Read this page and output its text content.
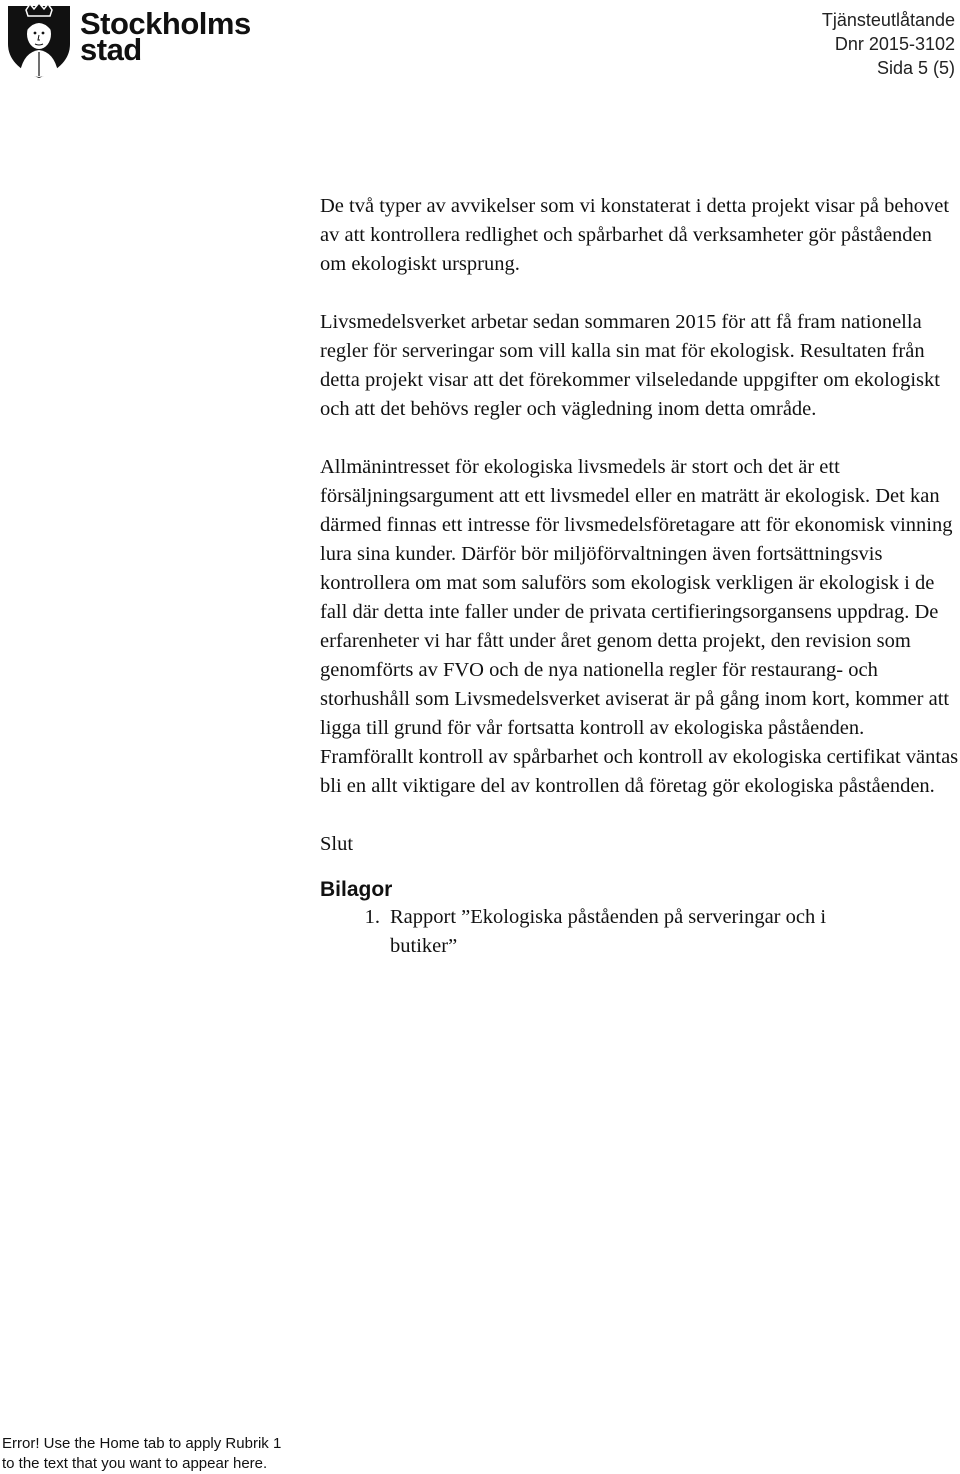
Stockholms
stad
Tjänsteutlåtande
Dnr 2015-3102
Sida 5 (5)

De två typer av avvikelser som vi konstaterat i detta projekt visar på behovet av att kontrollera redlighet och spårbarhet då verksamheter gör påståenden om ekologiskt ursprung.

Livsmedelsverket arbetar sedan sommaren 2015 för att få fram nationella regler för serveringar som vill kalla sin mat för ekologisk. Resultaten från detta projekt visar att det förekommer vilseledande uppgifter om ekologiskt och att det behövs regler och vägledning inom detta område.

Allmänintresset för ekologiska livsmedels är stort och det är ett försäljningsargument att ett livsmedel eller en maträtt är ekologisk. Det kan därmed finnas ett intresse för livsmedelsföretagare att för ekonomisk vinning lura sina kunder. Därför bör miljöförvaltningen även fortsättningsvis kontrollera om mat som saluförs som ekologisk verkligen är ekologisk i de fall där detta inte faller under de privata certifieringsorgansens uppdrag. De erfarenheter vi har fått under året genom detta projekt, den revision som genomförts av FVO och de nya nationella regler för restaurang- och storhushåll som Livsmedelsverket aviserat är på gång inom kort, kommer att ligga till grund för vår fortsatta kontroll av ekologiska påståenden. Framförallt kontroll av spårbarhet och kontroll av ekologiska certifikat väntas bli en allt viktigare del av kontrollen då företag gör ekologiska påståenden.

Slut

Bilagor
1. Rapport ”Ekologiska påståenden på serveringar och i butiker”
Error! Use the Home tab to apply Rubrik 1
to the text that you want to appear here.
